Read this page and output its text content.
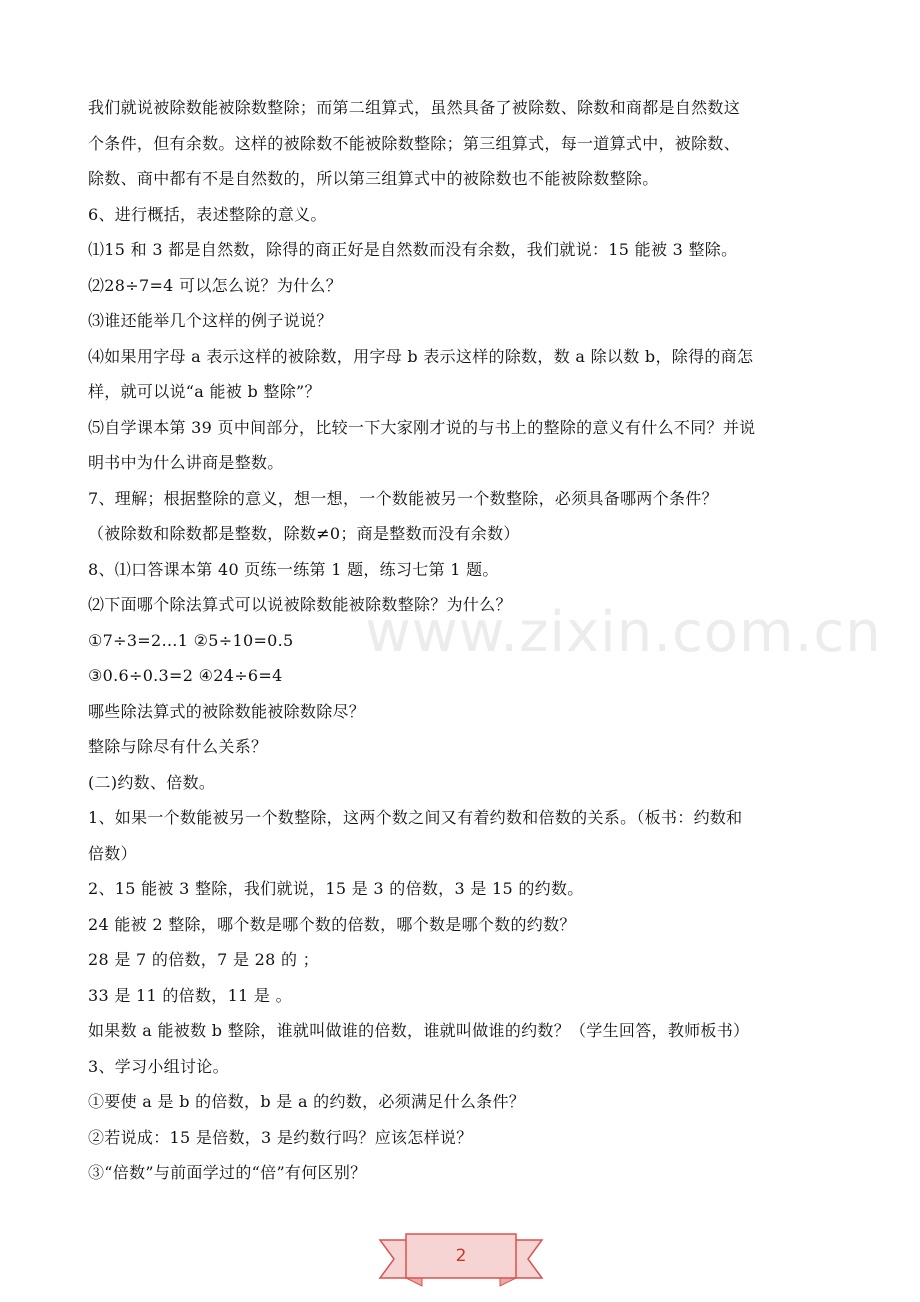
我们就说被除数能被除数整除；而第二组算式，虽然具备了被除数、除数和商都是自然数这

个条件，但有余数。这样的被除数不能被除数整除；第三组算式，每一道算式中，被除数、

除数、商中都有不是自然数的，所以第三组算式中的被除数也不能被除数整除。

6、进行概括，表述整除的意义。

⑴15 和 3 都是自然数，除得的商正好是自然数而没有余数，我们就说：15 能被 3 整除。

⑵28÷7=4 可以怎么说？为什么？

⑶谁还能举几个这样的例子说说？

⑷如果用字母 a 表示这样的被除数，用字母 b 表示这样的除数，数 a 除以数 b，除得的商怎

样，就可以说“a 能被 b 整除”？

⑸自学课本第 39 页中间部分，比较一下大家刚才说的与书上的整除的意义有什么不同？并说

明书中为什么讲商是整数。

7、理解；根据整除的意义，想一想，一个数能被另一个数整除，必须具备哪两个条件？

（被除数和除数都是整数，除数≠0；商是整数而没有余数）

8、⑴口答课本第 40 页练一练第 1 题，练习七第 1 题。

⑵下面哪个除法算式可以说被除数能被除数整除？为什么？

①7÷3=2…1 ②5÷10=0.5

③0.6÷0.3=2 ④24÷6=4

哪些除法算式的被除数能被除数除尽？

整除与除尽有什么关系？

(二)约数、倍数。

1、如果一个数能被另一个数整除，这两个数之间又有着约数和倍数的关系。（板书：约数和

倍数）

2、15 能被 3 整除，我们就说，15 是 3 的倍数，3 是 15 的约数。

24 能被 2 整除，哪个数是哪个数的倍数，哪个数是哪个数的约数？

28 是 7 的倍数，7 是 28 的 ；

33 是 11 的倍数，11 是 。

如果数 a 能被数 b 整除，谁就叫做谁的倍数，谁就叫做谁的约数？（学生回答，教师板书）

3、学习小组讨论。

①要使 a 是 b 的倍数，b 是 a 的约数，必须满足什么条件？

②若说成：15 是倍数，3 是约数行吗？应该怎样说？

③“倍数”与前面学过的“倍”有何区别？

www.zixin.com.cn
2
